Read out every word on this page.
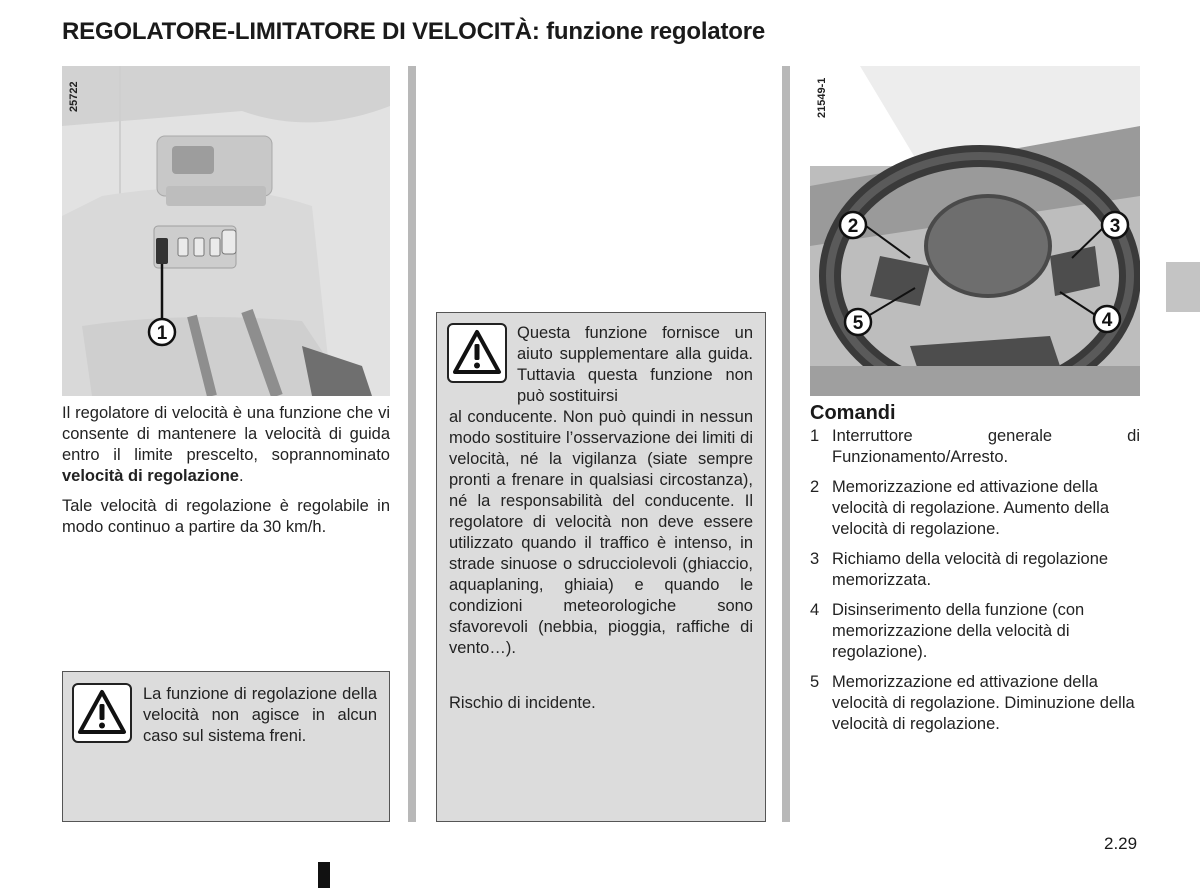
REGOLATORE-LIMITATORE DI VELOCITÀ: funzione regolatore
1
25722
2	3
4
5
21549-1

Il regolatore di velocità è una funzione che vi consente di mantenere la velocità di guida entro il limite prescelto, soprannominato velocità di regolazione.

Tale velocità di regolazione è regolabile in modo continuo a partire da 30 km/h.

La funzione di regolazione della velocità non agisce in alcun caso sul sistema freni.
Questa funzione fornisce un aiuto supplementare alla guida. Tuttavia questa funzione non può sostituirsi
al conducente. Non può quindi in nessun modo sostituire l’osservazione dei limiti di velocità, né la vigilanza (siate sempre pronti a frenare in qualsiasi circostanza), né la responsabilità del conducente. Il regolatore di velocità non deve essere utilizzato quando il traffico è intenso, in strade sinuose o sdrucciolevoli (ghiaccio, aquaplaning, ghiaia) e quando le condizioni meteorologiche sono sfavorevoli (nebbia, pioggia, raffiche di vento…).
Rischio di incidente.
Comandi
1 Interruttore generale di Funzionamento/Arresto.
2 Memorizzazione ed attivazione della velocità di regolazione. Aumento della velocità di regolazione.
3 Richiamo della velocità di regolazione memorizzata.
4 Disinserimento della funzione (con memorizzazione della velocità di regolazione).
5 Memorizzazione ed attivazione della velocità di regolazione. Diminuzione della velocità di regolazione.
2.29
